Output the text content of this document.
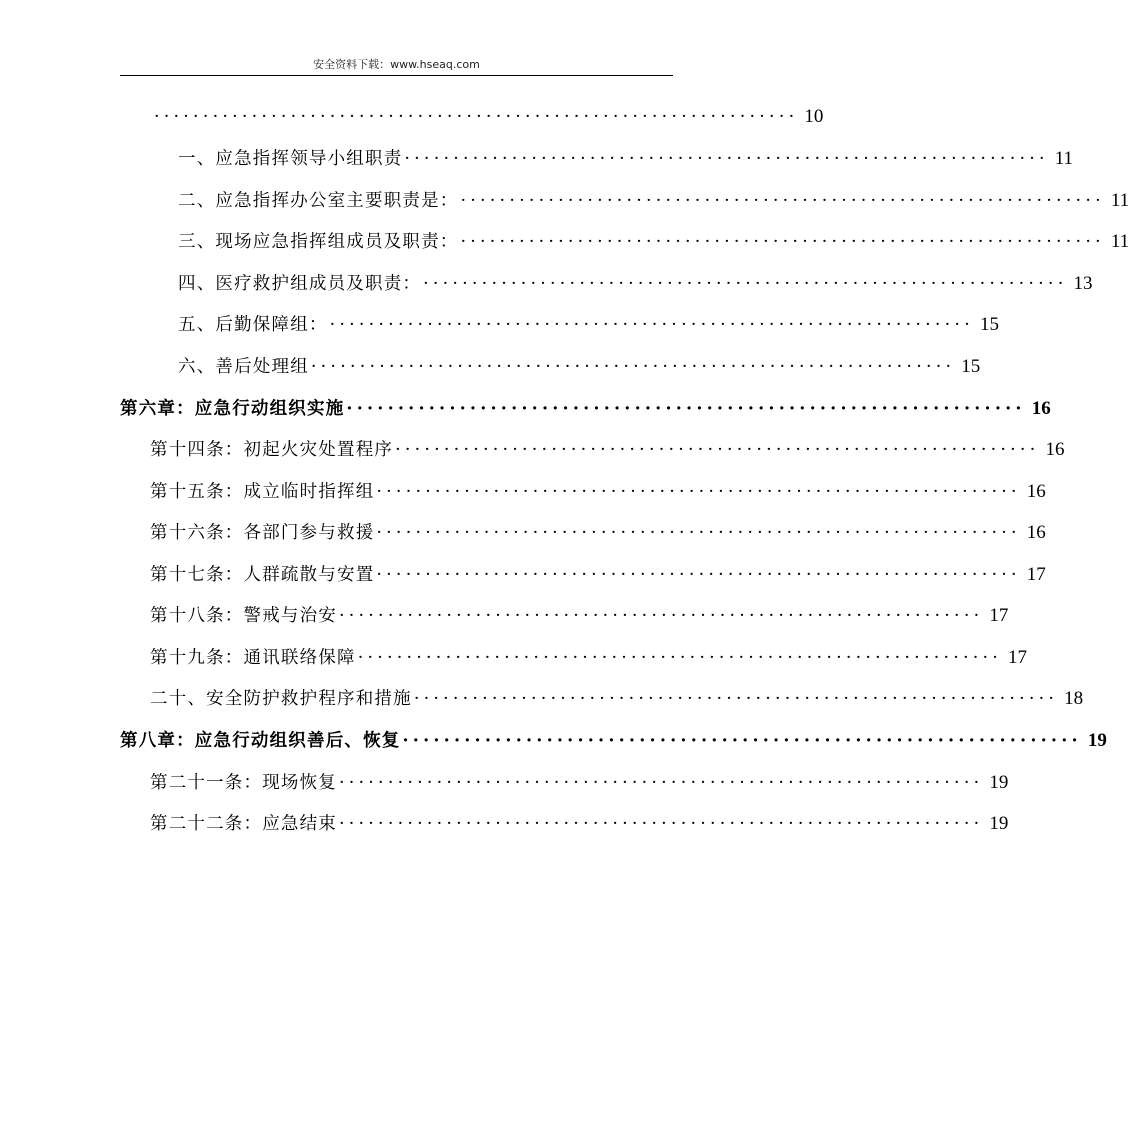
安全资料下载：www.hseaq.com
·································································· 10
一、应急指挥领导小组职责 ·································································· 11
二、应急指挥办公室主要职责是： ·································································· 11
三、现场应急指挥组成员及职责： ·································································· 11
四、医疗救护组成员及职责： ·································································· 13
五、后勤保障组： ·································································· 15
六、善后处理组 ·································································· 15
第六章：应急行动组织实施 ·································································· 16
第十四条：初起火灾处置程序 ·································································· 16
第十五条：成立临时指挥组 ·································································· 16
第十六条：各部门参与救援 ·································································· 16
第十七条：人群疏散与安置 ·································································· 17
第十八条：警戒与治安 ·································································· 17
第十九条：通讯联络保障 ·································································· 17
二十、安全防护救护程序和措施 ·································································· 18
第八章：应急行动组织善后、恢复 ·································································· 19
第二十一条：现场恢复 ·································································· 19
第二十二条：应急结束 ·································································· 19
